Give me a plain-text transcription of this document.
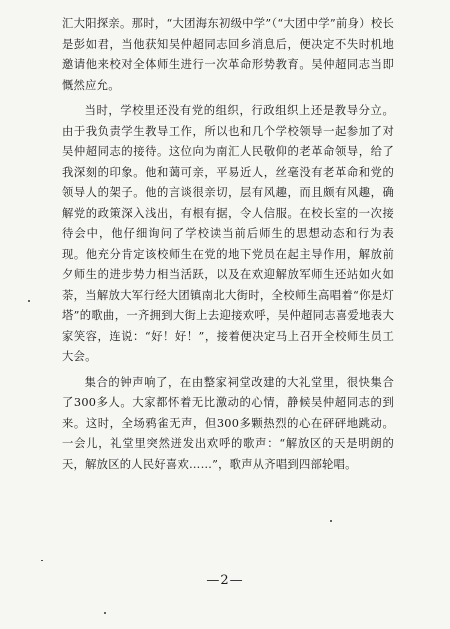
汇大阳探亲。那时，“大团海东初级中学”（“大团中学”前身）校长是彭如君，当他获知吴仲超同志回乡消息后，便决定不失时机地邀请他来校对全体师生进行一次革命形势教育。吴仲超同志当即慨然应允。

当时，学校里还没有党的组织，行政组织上还是教导分立。由于我负责学生教导工作，所以也和几个学校领导一起参加了对吴仲超同志的接待。这位向为南汇人民敬仰的老革命领导，给了我深刻的印象。他和蔼可亲，平易近人，丝毫没有老革命和党的领导人的架子。他的言谈很亲切，层有风趣，而且颇有风趣，确解党的政策深入浅出，有根有据，令人信服。在校长室的一次接待会中，他仔细询问了学校读当前后师生的思想动态和行为表现。他充分肯定该校师生在党的地下党员在起主导作用，解放前夕师生的进步势力相当活跃，以及在欢迎解放军师生还站如火如荼，当解放大军行经大团镇南北大街时，全校师生高唱着“你是灯塔”的歌曲，一齐拥到大街上去迎接欢呼，吴仲超同志喜爱地表大家笑容，连说：“好！好！”，接着便决定马上召开全校师生员工大会。

集合的钟声响了，在由整家祠堂改建的大礼堂里，很快集合了300多人。大家都怀着无比激动的心情，静候吴仲超同志的到来。这时，全场鸦雀无声，但300多颗热烈的心在砰砰地跳动。一会儿，礼堂里突然迸发出欢呼的歌声：“解放区的天是明朗的天，解放区的人民好喜欢……”，歌声从齐唱到四部轮唱。

—2—
